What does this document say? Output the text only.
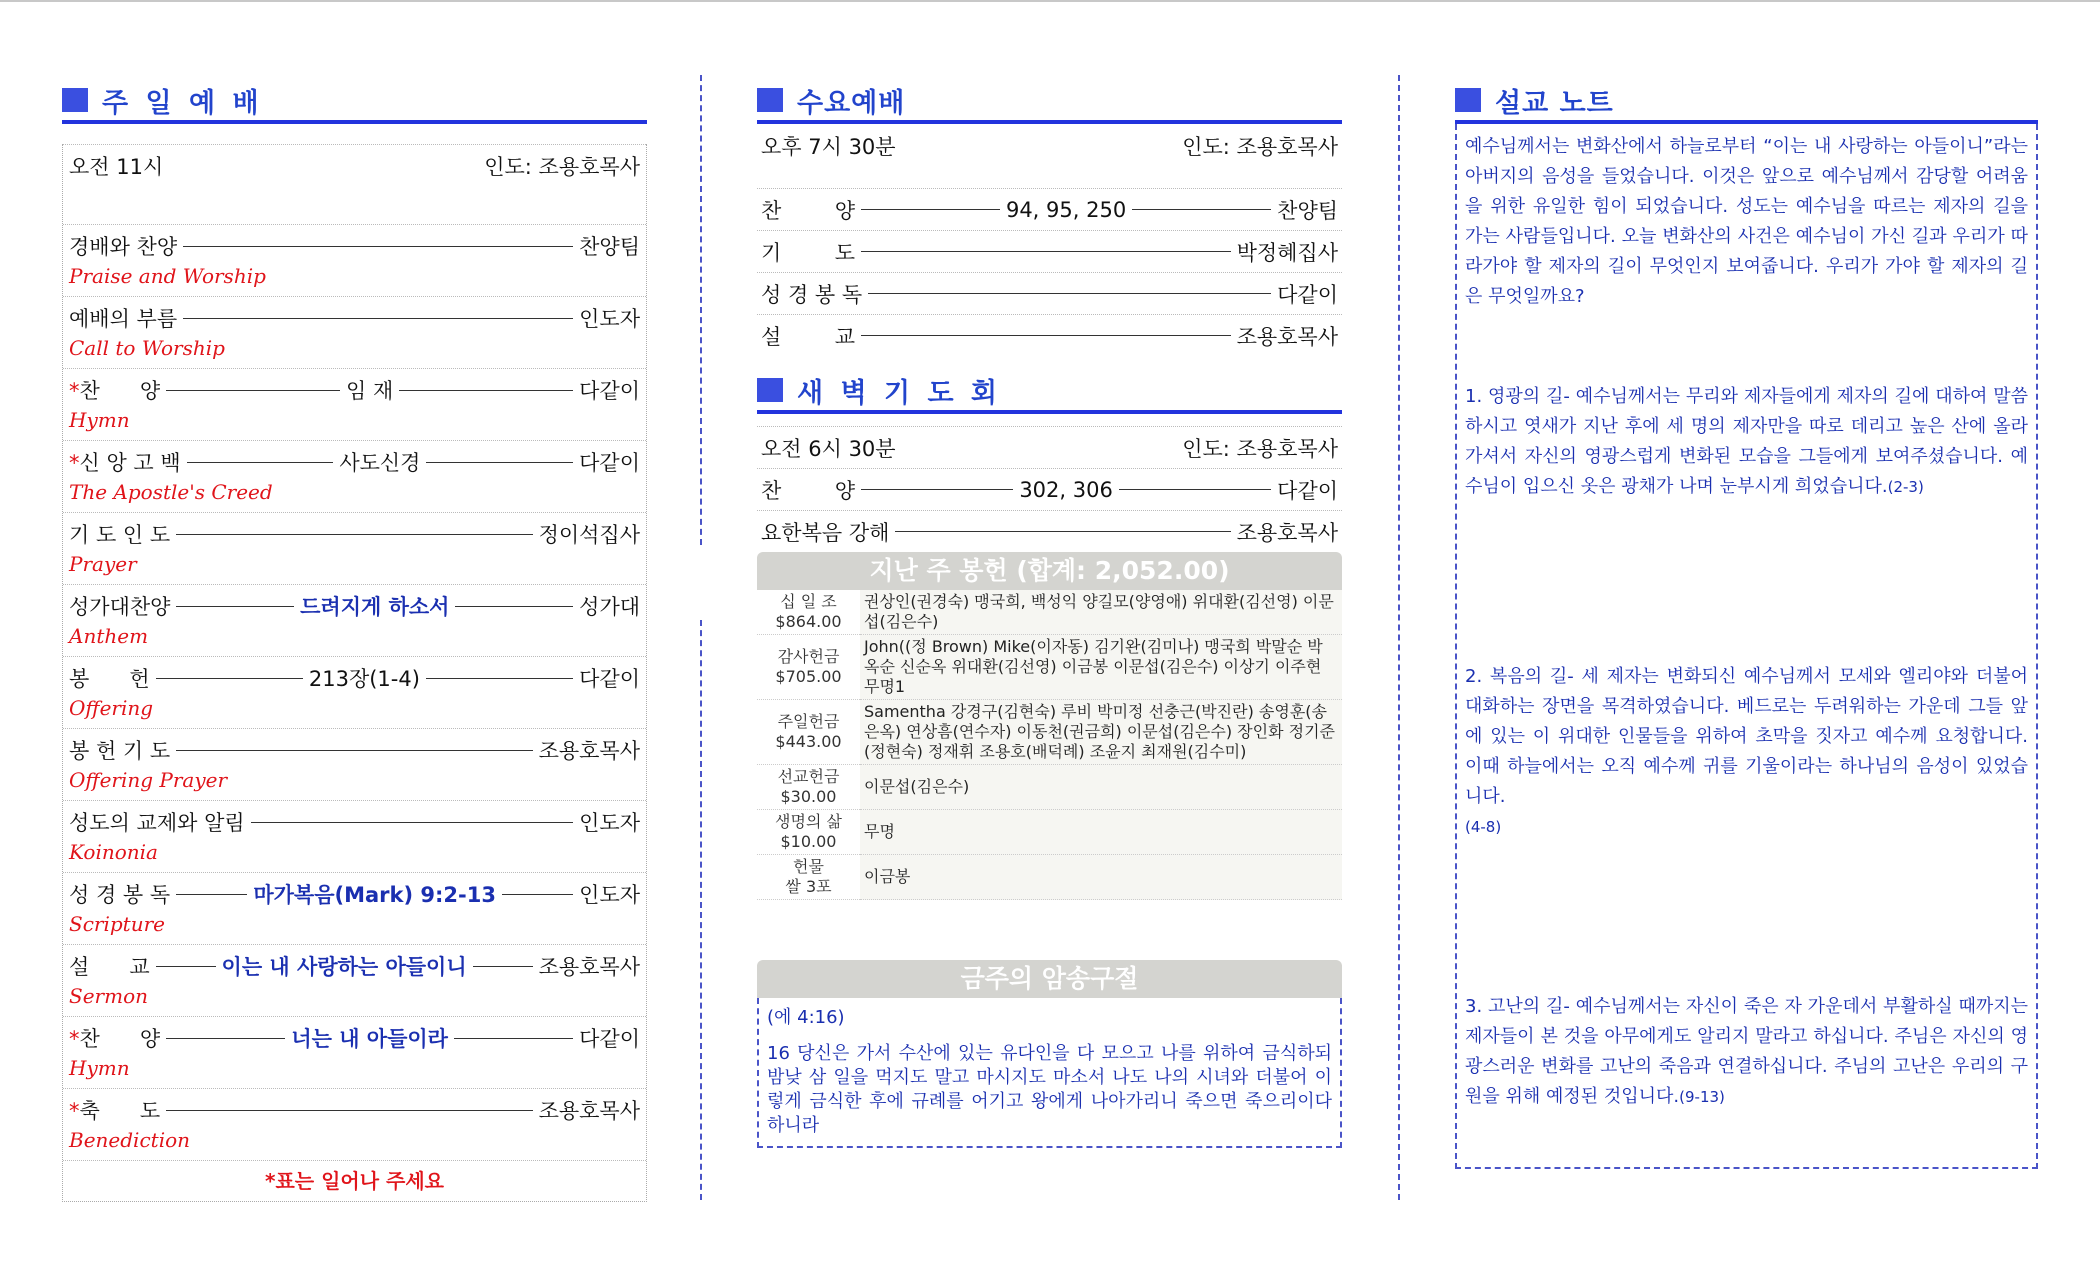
주 일 예 배
오전 11시	인도: 조용호목사
경배와 찬양	찬양팀
Praise and Worship
예배의 부름	인도자
Call to Worship
*찬      양	임 재	다같이
Hymn
*신 앙 고 백	사도신경	다같이
The Apostle's Creed
기 도 인 도	정이석집사
Prayer
성가대찬양	드려지게 하소서	성가대
Anthem
봉      헌	213장(1-4)	다같이
Offering
봉 헌 기 도	조용호목사
Offering Prayer
성도의 교제와 알림	인도자
Koinonia
성 경 봉 독	마가복음(Mark) 9:2-13	인도자
Scripture
설      교	이는 내 사랑하는 아들이니	조용호목사
Sermon
*찬      양	너는 내 아들이라	다같이
Hymn
*축      도	조용호목사
Benediction
*표는 일어나 주세요
수요예배
오후 7시 30분	인도: 조용호목사
찬        양	94, 95, 250	찬양팀
기        도	박정혜집사
성 경 봉 독	다같이
설        교	조용호목사
새 벽 기 도 회
오전 6시 30분	인도: 조용호목사
찬        양	302, 306	다같이
요한복음 강해	조용호목사
지난 주 봉헌 (합계: 2,052.00)
십 일 조
$864.00	권상인(권경숙) 맹국희, 백성익 양길모(양영애) 위대환(김선영) 이문섭(김은수)

감사헌금
$705.00	John((정 Brown) Mike(이자동) 김기완(김미나) 맹국희 박말순 박옥순 신순옥 위대환(김선영) 이금봉 이문섭(김은수) 이상기 이주현 무명1

주일헌금
$443.00	Samentha 강경구(김현숙) 루비 박미정 선충근(박진란) 송영훈(송은옥) 연상흠(연수자) 이동천(권금희) 이문섭(김은수) 장인화 정기준(정현숙) 정재휘 조용호(배덕례) 조윤지 최재원(김수미)

선교헌금
$30.00	이문섭(김은수)

생명의 삶
$10.00	무명

헌물
쌀 3포	이금봉
금주의 암송구절
(에 4:16)
16 당신은 가서 수산에 있는 유다인을 다 모으고 나를 위하여 금식하되 밤낮 삼 일을 먹지도 말고 마시지도 마소서 나도 나의 시녀와 더불어 이렇게 금식한 후에 규례를 어기고 왕에게 나아가리니 죽으면 죽으리이다 하니라
설교 노트

예수님께서는 변화산에서 하늘로부터 “이는 내 사랑하는 아들이니”라는 아버지의 음성을 들었습니다. 이것은 앞으로 예수님께서 감당할 어려움을 위한 유일한 힘이 되었습니다. 성도는 예수님을 따르는 제자의 길을 가는 사람들입니다. 오늘 변화산의 사건은 예수님이 가신 길과 우리가 따라가야 할 제자의 길이 무엇인지 보여줍니다. 우리가 가야 할 제자의 길은 무엇일까요?

1. 영광의 길- 예수님께서는 무리와 제자들에게 제자의 길에 대하여 말씀하시고 엿새가 지난 후에 세 명의 제자만을 따로 데리고 높은 산에 올라가셔서 자신의 영광스럽게 변화된 모습을 그들에게 보여주셨습니다. 예수님이 입으신 옷은 광채가 나며 눈부시게 희었습니다.(2-3)

2. 복음의 길- 세 제자는 변화되신 예수님께서 모세와 엘리야와 더불어 대화하는 장면을 목격하였습니다. 베드로는 두려워하는 가운데 그들 앞에 있는 이 위대한 인물들을 위하여 초막을 짓자고 예수께 요청합니다. 이때 하늘에서는 오직 예수께 귀를 기울이라는 하나님의 음성이 있었습니다.
(4-8)

3. 고난의 길- 예수님께서는 자신이 죽은 자 가운데서 부활하실 때까지는 제자들이 본 것을 아무에게도 알리지 말라고 하십니다. 주님은 자신의 영광스러운 변화를 고난의 죽음과 연결하십니다. 주님의 고난은 우리의 구원을 위해 예정된 것입니다.(9-13)
